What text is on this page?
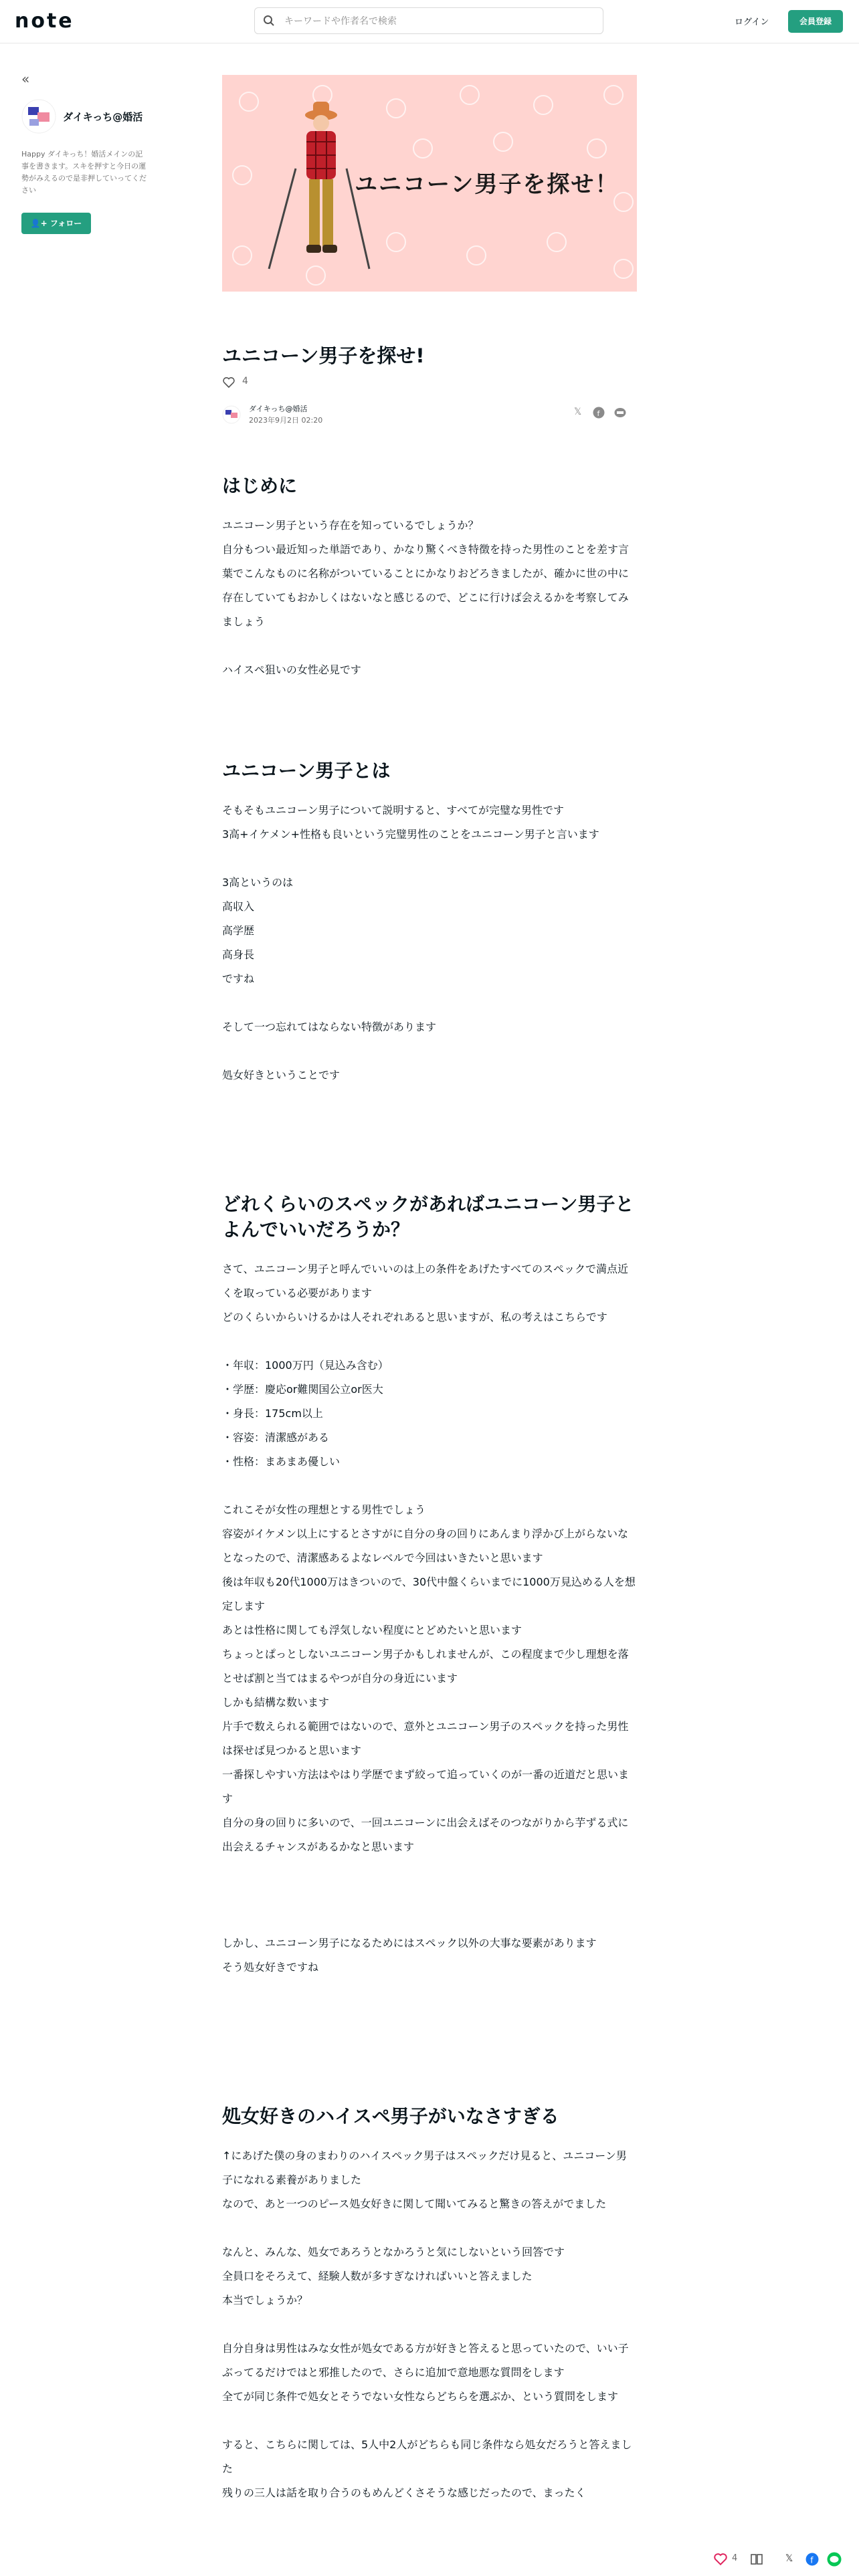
note
キーワードや作者名で検索	ログイン	会員登録
«
ダイキっち@婚活
Happy ダイキっち！婚活メインの記事を書きます。スキを押すと今日の運勢がみえるので是非押していってください
👤+ フォロー
ユニコーン男子を探せ！
ユニコーン男子を探せ!
4
ダイキっち@婚活
2023年9月2日 02:20
𝕏 f
はじめに
ユニコーン男子という存在を知っているでしょうか？
自分もつい最近知った単語であり、かなり驚くべき特徴を持った男性のことを差す言葉でこんなものに名称がついていることにかなりおどろきましたが、確かに世の中に存在していてもおかしくはないなと感じるので、どこに行けば会えるかを考察してみましょう
ハイスペ狙いの女性必見です
ユニコーン男子とは
そもそもユニコーン男子について説明すると、すべてが完璧な男性です
3高+イケメン+性格も良いという完璧男性のことをユニコーン男子と言います
3高というのは
高収入
高学歴
高身長
ですね
そして一つ忘れてはならない特徴があります
処女好きということです
どれくらいのスペックがあればユニコーン男子とよんでいいだろうか？
さて、ユニコーン男子と呼んでいいのは上の条件をあげたすべてのスペックで満点近くを取っている必要があります
どのくらいからいけるかは人それぞれあると思いますが、私の考えはこちらです
・年収：1000万円（見込み含む）
・学歴：慶応or難関国公立or医大
・身長：175cm以上
・容姿：清潔感がある
・性格：まあまあ優しい
これこそが女性の理想とする男性でしょう
容姿がイケメン以上にするとさすがに自分の身の回りにあんまり浮かび上がらないなとなったので、清潔感あるよなレベルで今回はいきたいと思います
後は年収も20代1000万はきついので、30代中盤くらいまでに1000万見込める人を想定します
あとは性格に関しても浮気しない程度にとどめたいと思います
ちょっとぱっとしないユニコーン男子かもしれませんが、この程度まで少し理想を落とせば割と当てはまるやつが自分の身近にいます
しかも結構な数います
片手で数えられる範囲ではないので、意外とユニコーン男子のスペックを持った男性は探せば見つかると思います
一番探しやすい方法はやはり学歴でまず絞って追っていくのが一番の近道だと思います
自分の身の回りに多いので、一回ユニコーンに出会えばそのつながりから芋ずる式に出会えるチャンスがあるかなと思います
しかし、ユニコーン男子になるためにはスペック以外の大事な要素があります
そう処女好きですね
処女好きのハイスペ男子がいなさすぎる
↑にあげた僕の身のまわりのハイスペック男子はスペックだけ見ると、ユニコーン男子になれる素養がありました
なので、あと一つのピース処女好きに関して聞いてみると驚きの答えがでました
なんと、みんな、処女であろうとなかろうと気にしないという回答です
全員口をそろえて、経験人数が多すぎなければいいと答えました
本当でしょうか？
自分自身は男性はみな女性が処女である方が好きと答えると思っていたので、いい子ぶってるだけではと邪推したので、さらに追加で意地悪な質問をします
全てが同じ条件で処女とそうでない女性ならどちらを選ぶか、という質問をします
すると、こちらに関しては、5人中2人がどちらも同じ条件なら処女だろうと答えました
残りの三人は話を取り合うのもめんどくさそうな感じだったので、まったく
4	𝕏 f
